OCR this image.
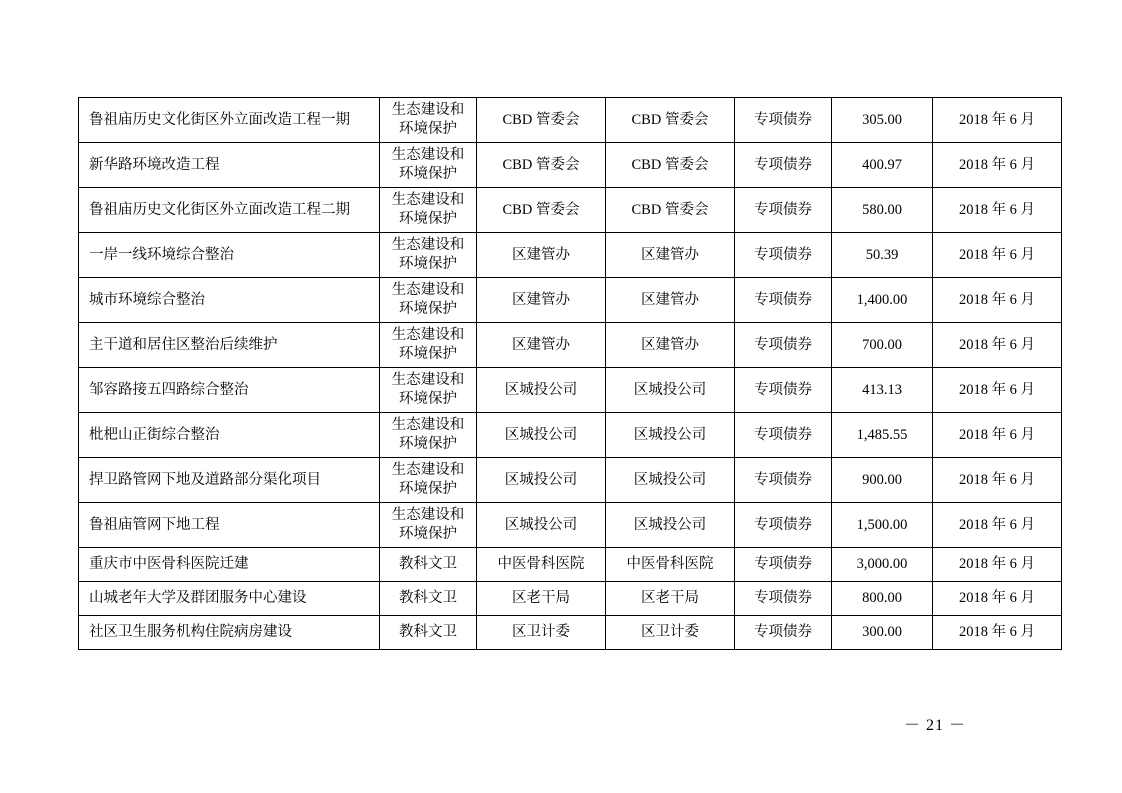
鲁祖庙历史文化街区外立面改造工程一期	生态建设和
环境保护	CBD 管委会	CBD 管委会	专项债券	305.00	2018 年 6 月
新华路环境改造工程	生态建设和
环境保护	CBD 管委会	CBD 管委会	专项债券	400.97	2018 年 6 月
鲁祖庙历史文化街区外立面改造工程二期	生态建设和
环境保护	CBD 管委会	CBD 管委会	专项债券	580.00	2018 年 6 月
一岸一线环境综合整治	生态建设和
环境保护	区建管办	区建管办	专项债券	50.39	2018 年 6 月
城市环境综合整治	生态建设和
环境保护	区建管办	区建管办	专项债券	1,400.00	2018 年 6 月
主干道和居住区整治后续维护	生态建设和
环境保护	区建管办	区建管办	专项债券	700.00	2018 年 6 月
邹容路接五四路综合整治	生态建设和
环境保护	区城投公司	区城投公司	专项债券	413.13	2018 年 6 月
枇杷山正街综合整治	生态建设和
环境保护	区城投公司	区城投公司	专项债券	1,485.55	2018 年 6 月
捍卫路管网下地及道路部分渠化项目	生态建设和
环境保护	区城投公司	区城投公司	专项债券	900.00	2018 年 6 月
鲁祖庙管网下地工程	生态建设和
环境保护	区城投公司	区城投公司	专项债券	1,500.00	2018 年 6 月
重庆市中医骨科医院迁建	教科文卫	中医骨科医院	中医骨科医院	专项债券	3,000.00	2018 年 6 月
山城老年大学及群团服务中心建设	教科文卫	区老干局	区老干局	专项债券	800.00	2018 年 6 月
社区卫生服务机构住院病房建设	教科文卫	区卫计委	区卫计委	专项债券	300.00	2018 年 6 月
－ 21 －
